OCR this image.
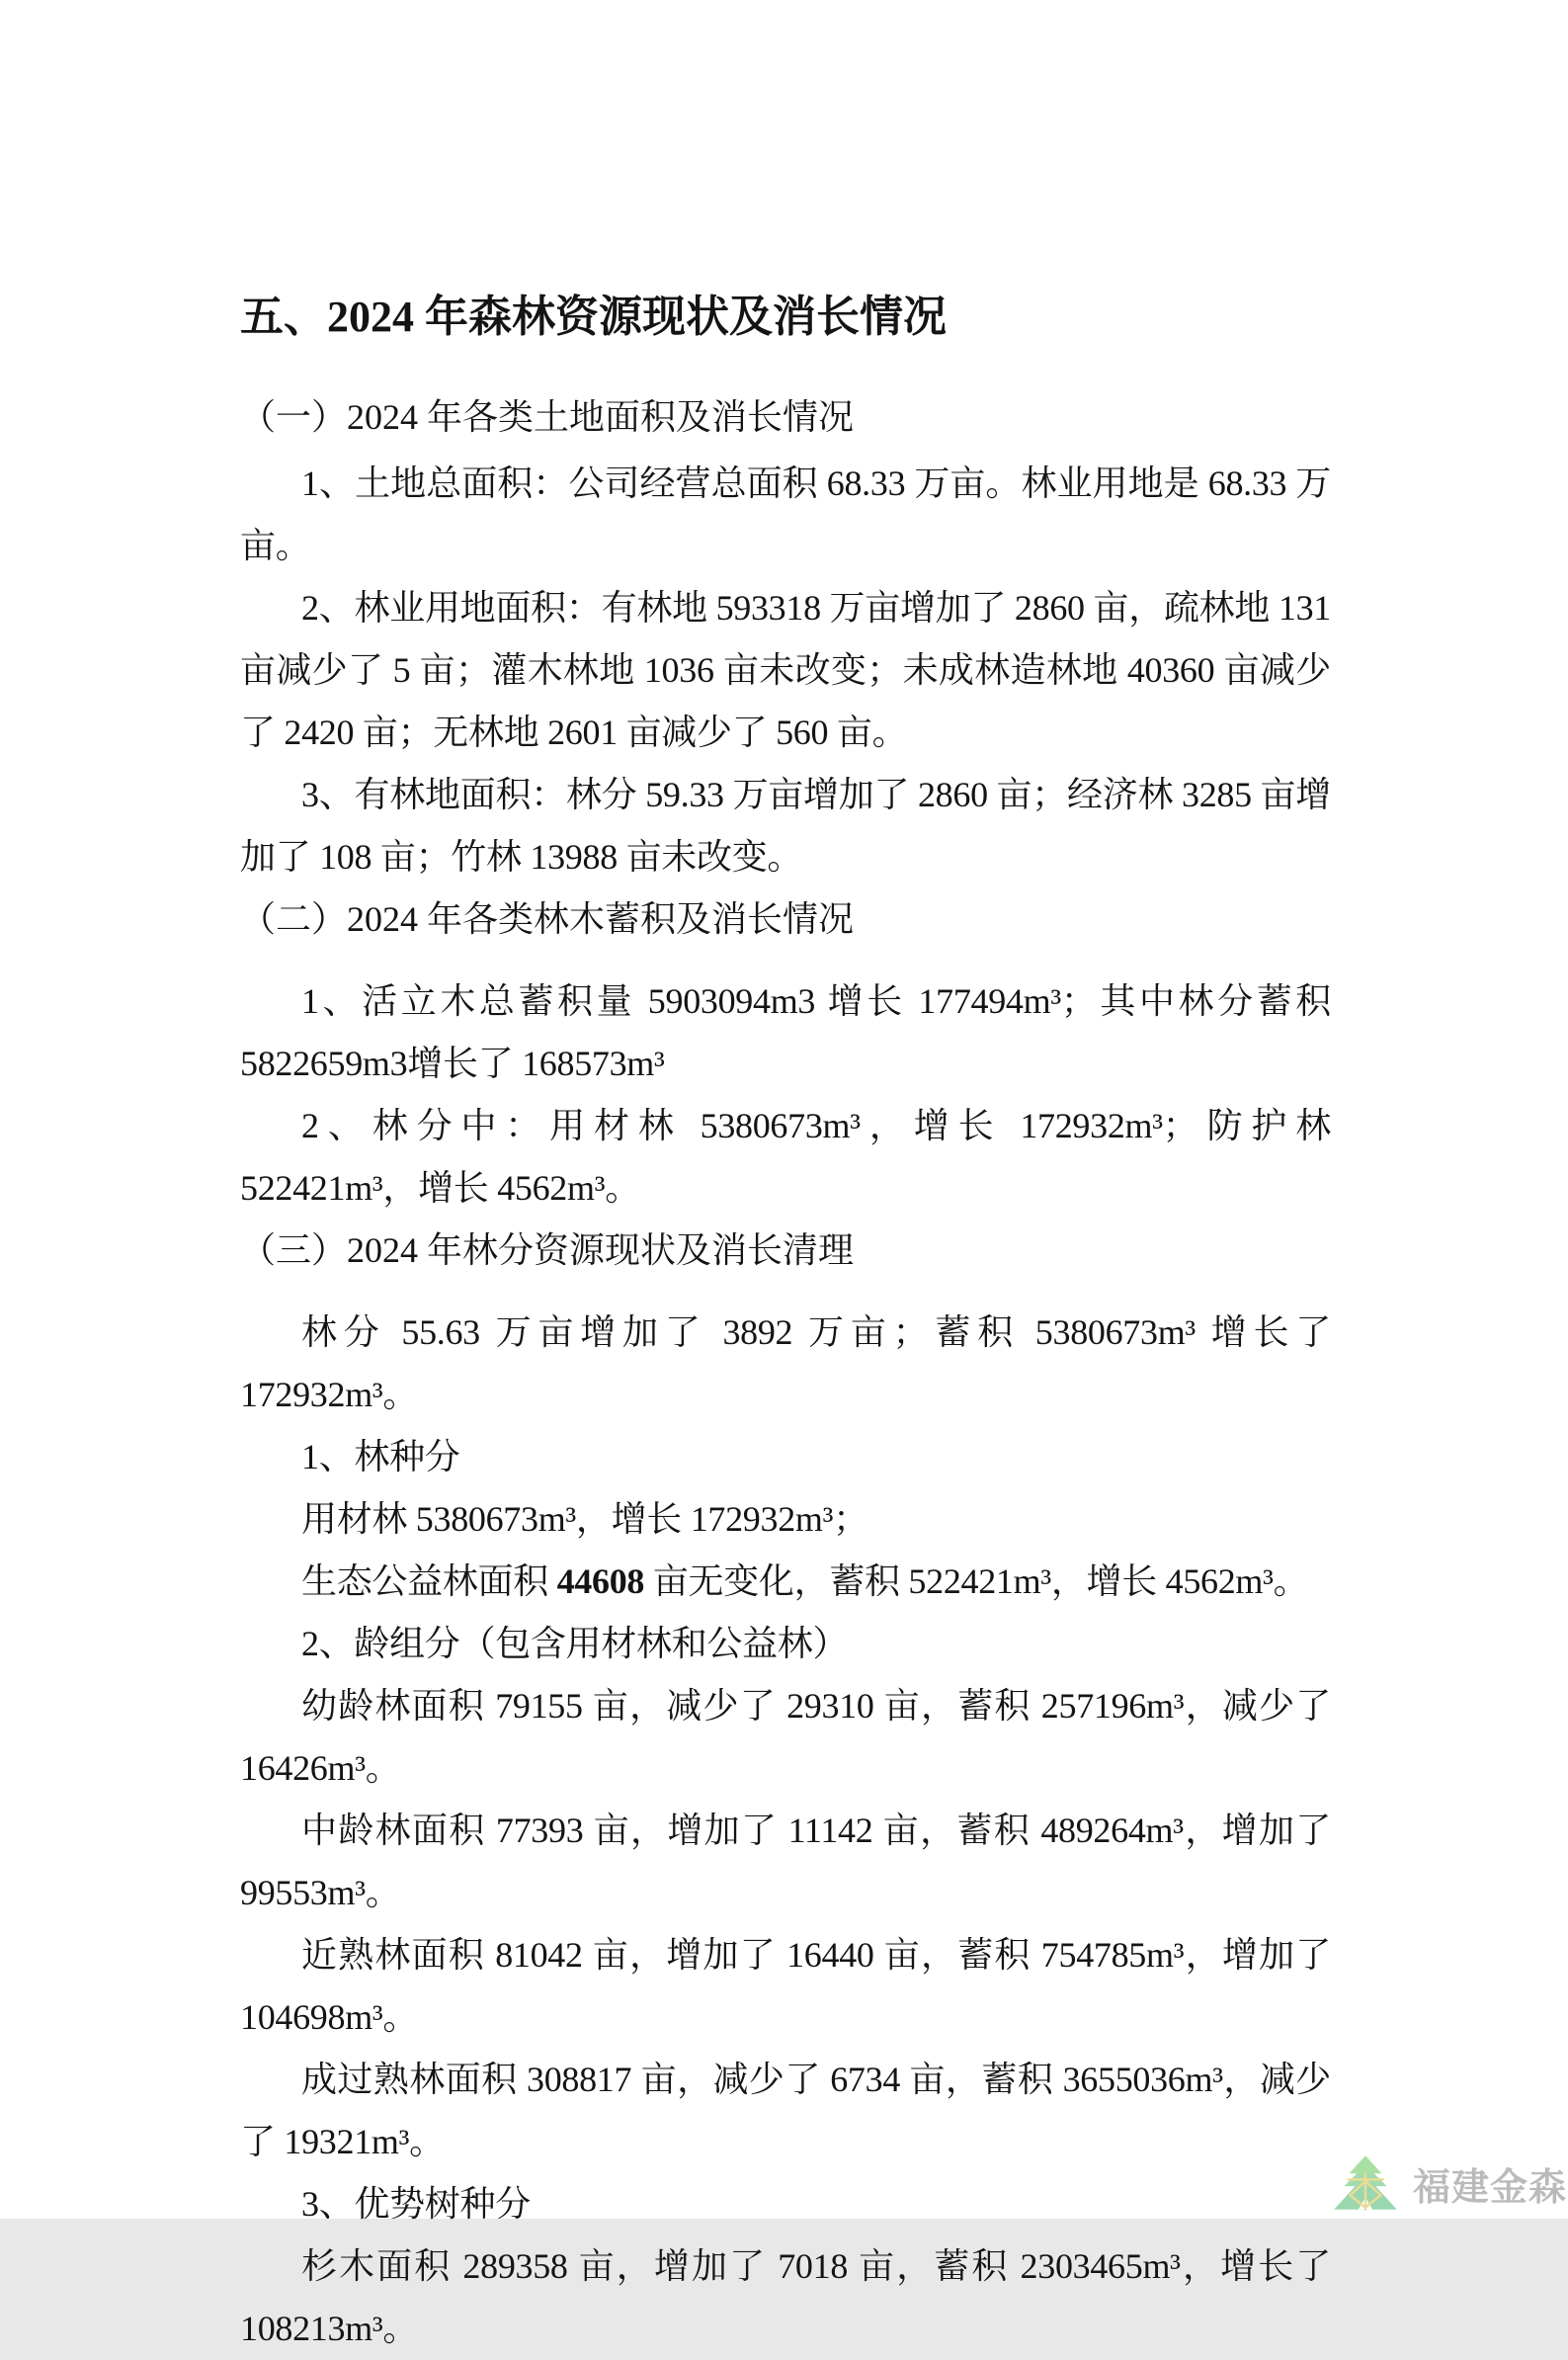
五、2024 年森林资源现状及消长情况

（一）2024 年各类土地面积及消长情况

1、土地总面积：公司经营总面积 68.33 万亩。林业用地是 68.33 万亩。

2、林业用地面积：有林地 593318 万亩增加了 2860 亩，疏林地 131 亩减少了 5 亩；灌木林地 1036 亩未改变；未成林造林地 40360 亩减少了 2420 亩；无林地 2601 亩减少了 560 亩。

3、有林地面积：林分 59.33 万亩增加了 2860 亩；经济林 3285 亩增加了 108 亩；竹林 13988 亩未改变。

（二）2024 年各类林木蓄积及消长情况

1、活立木总蓄积量 5903094m3 增长 177494m³；其中林分蓄积 5822659m3增长了 168573m³

2、林分中：用材林 5380673m³，增长 172932m³；防护林 522421m³，增长 4562m³。

（三）2024 年林分资源现状及消长清理

林分 55.63 万亩增加了 3892 万亩；蓄积 5380673m³ 增长了 172932m³。

1、林种分

用材林 5380673m³，增长 172932m³；

生态公益林面积 44608 亩无变化，蓄积 522421m³，增长 4562m³。

2、龄组分（包含用材林和公益林）

幼龄林面积 79155 亩，减少了 29310 亩，蓄积 257196m³，减少了 16426m³。

中龄林面积 77393 亩，增加了 11142 亩，蓄积 489264m³，增加了 99553m³。

近熟林面积 81042 亩，增加了 16440 亩，蓄积 754785m³，增加了 104698m³。

成过熟林面积 308817 亩，减少了 6734 亩，蓄积 3655036m³，减少了 19321m³。

3、优势树种分

杉木面积 289358 亩，增加了 7018 亩，蓄积 2303465m³，增长了 108213m³。

福建金森
